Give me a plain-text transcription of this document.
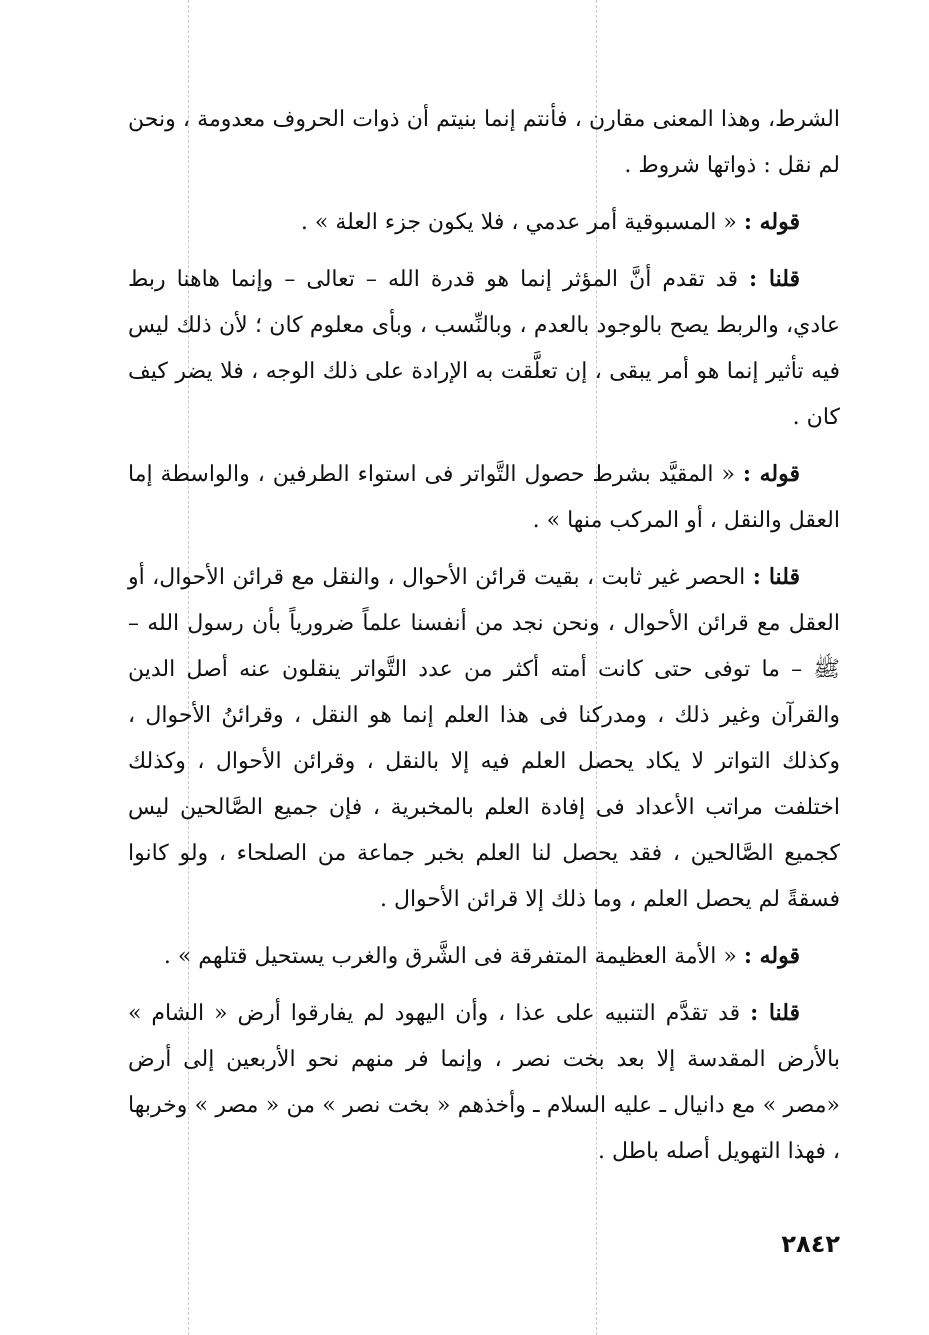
الشرط، وهذا المعنى مقارن ، فأنتم إنما بنيتم أن ذوات الحروف معدومة ، ونحن لم نقل : ذواتها شروط .

قوله : « المسبوقية أمر عدمي ، فلا يكون جزء العلة » .

قلنا : قد تقدم أنَّ المؤثر إنما هو قدرة الله – تعالى – وإنما هاهنا ربط عادي، والربط يصح بالوجود بالعدم ، وبالنِّسب ، وبأى معلوم كان ؛ لأن ذلك ليس فيه تأثير إنما هو أمر يبقى ، إن تعلَّقت به الإرادة على ذلك الوجه ، فلا يضر كيف كان .

قوله : « المقيَّد بشرط حصول التَّواتر فى استواء الطرفين ، والواسطة إما العقل والنقل ، أو المركب منها » .

قلنا : الحصر غير ثابت ، بقيت قرائن الأحوال ، والنقل مع قرائن الأحوال، أو العقل مع قرائن الأحوال ، ونحن نجد من أنفسنا علماً ضرورياً بأن رسول الله – ﷺ – ما توفى حتى كانت أمته أكثر من عدد التَّواتر ينقلون عنه أصل الدين والقرآن وغير ذلك ، ومدركنا فى هذا العلم إنما هو النقل ، وقرائنُ الأحوال ، وكذلك التواتر لا يكاد يحصل العلم فيه إلا بالنقل ، وقرائن الأحوال ، وكذلك اختلفت مراتب الأعداد فى إفادة العلم بالمخبرية ، فإن جميع الصَّالحين ليس كجميع الصَّالحين ، فقد يحصل لنا العلم بخبر جماعة من الصلحاء ، ولو كانوا فسقةً لم يحصل العلم ، وما ذلك إلا قرائن الأحوال .

قوله : « الأمة العظيمة المتفرقة فى الشَّرق والغرب يستحيل قتلهم » .

قلنا : قد تقدَّم التنبيه على عذا ، وأن اليهود لم يفارقوا أرض « الشام » بالأرض المقدسة إلا بعد بخت نصر ، وإنما فر منهم نحو الأربعين إلى أرض «مصر » مع دانيال ـ عليه السلام ـ وأخذهم « بخت نصر » من « مصر » وخربها ، فهذا التهويل أصله باطل .

٢٨٤٢
